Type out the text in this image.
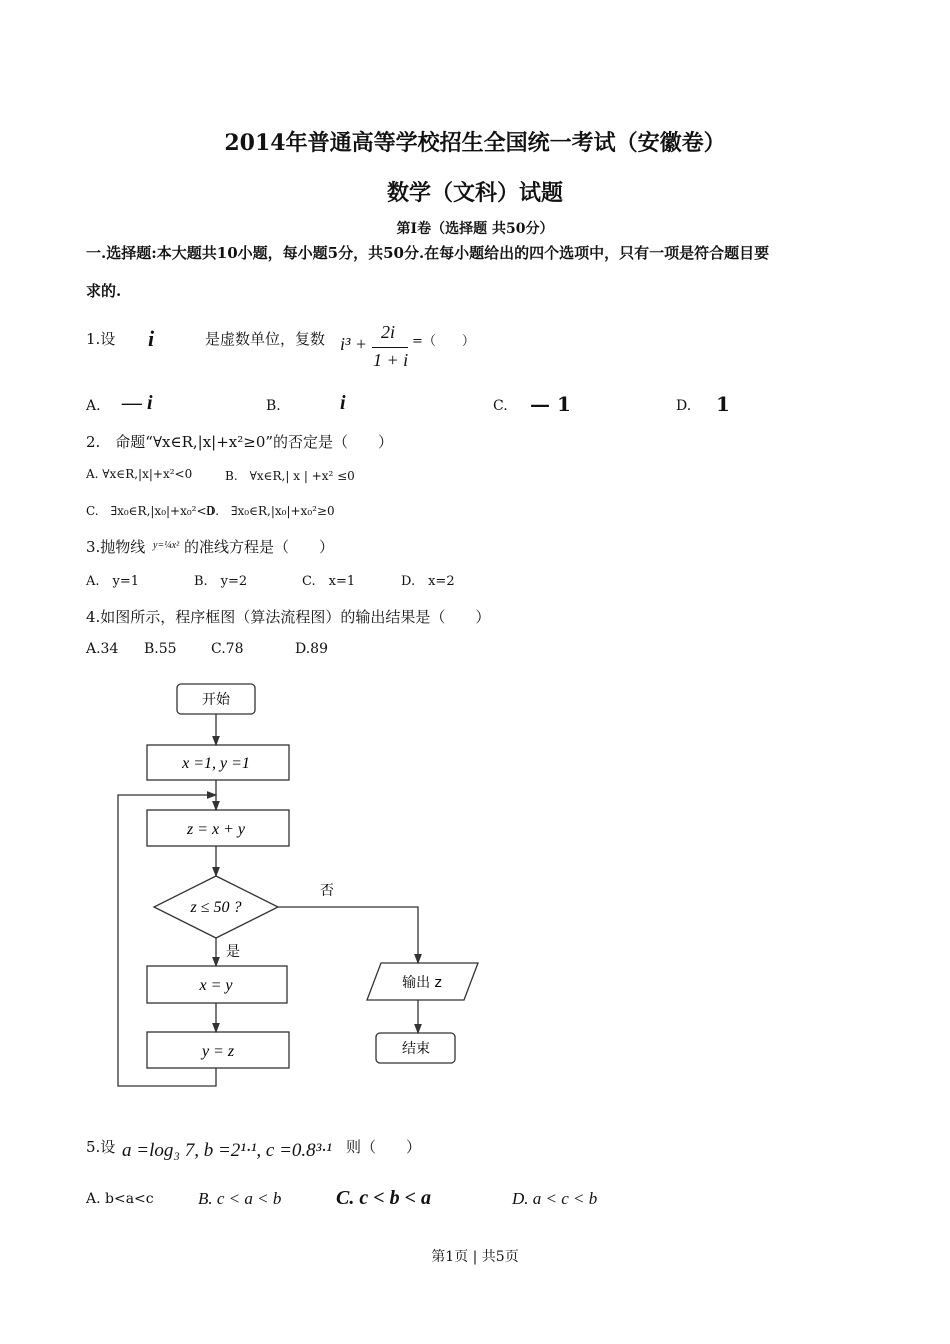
2014年普通高等学校招生全国统一考试（安徽卷）
数学（文科）试题
第Ⅰ卷（选择题 共50分）
一.选择题:本大题共10小题，每小题5分，共50分.在每小题给出的四个选项中，只有一项是符合题目要
求的.
1.设 i	是虚数单位，复数 i³ +
2i
1 + i
=（　　）
A. — i	B.	i	C. — 1	D. 1
2.　命题“∀x∈R,|x|+x²≥0”的否定是（　　）
A. ∀x∈R,|x|+x²<0	B.　∀x∈R,| x | +x² ≤0
C.　∃x₀∈R,|x₀|+x₀²<0
D.　∃x₀∈R,|x₀|+x₀²≥0
3.抛物线 y=¼x² 的准线方程是（　　）
A.　y=1	B.　y=2	C.　x=1	D.　x=2
4.如图所示，程序框图（算法流程图）的输出结果是（　　）
A.34 B.55 C.78	D.89
开始
x =1, y =1
z = x + y
z ≤ 50 ?
否
是
x = y
y = z
输出 z
结束
5.设 a =log₃ 7, b =2¹·¹, c =0.8³·¹ 则（　　）
A. b<a<c	B. c < a < b	C. c < b < a	D. a < c < b
第1页 | 共5页
